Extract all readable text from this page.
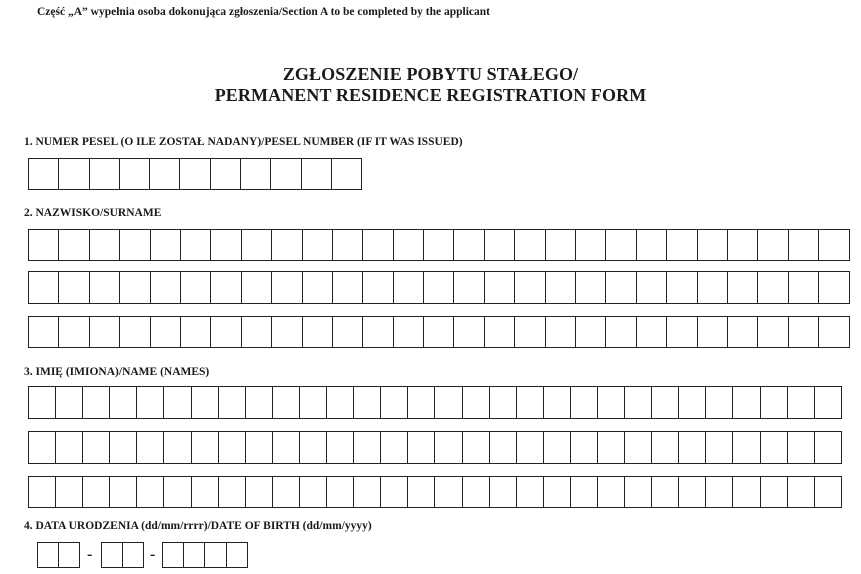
Część „A” wypełnia osoba dokonująca zgłoszenia/Section A to be completed by the applicant
ZGŁOSZENIE POBYTU STAŁEGO/
PERMANENT RESIDENCE REGISTRATION FORM
1. NUMER PESEL (O ILE ZOSTAŁ NADANY)/PESEL NUMBER (IF IT WAS ISSUED)
2. NAZWISKO/SURNAME
3. IMIĘ (IMIONA)/NAME (NAMES)
4. DATA URODZENIA (dd/mm/rrrr)/DATE OF BIRTH (dd/mm/yyyy)
-	-
